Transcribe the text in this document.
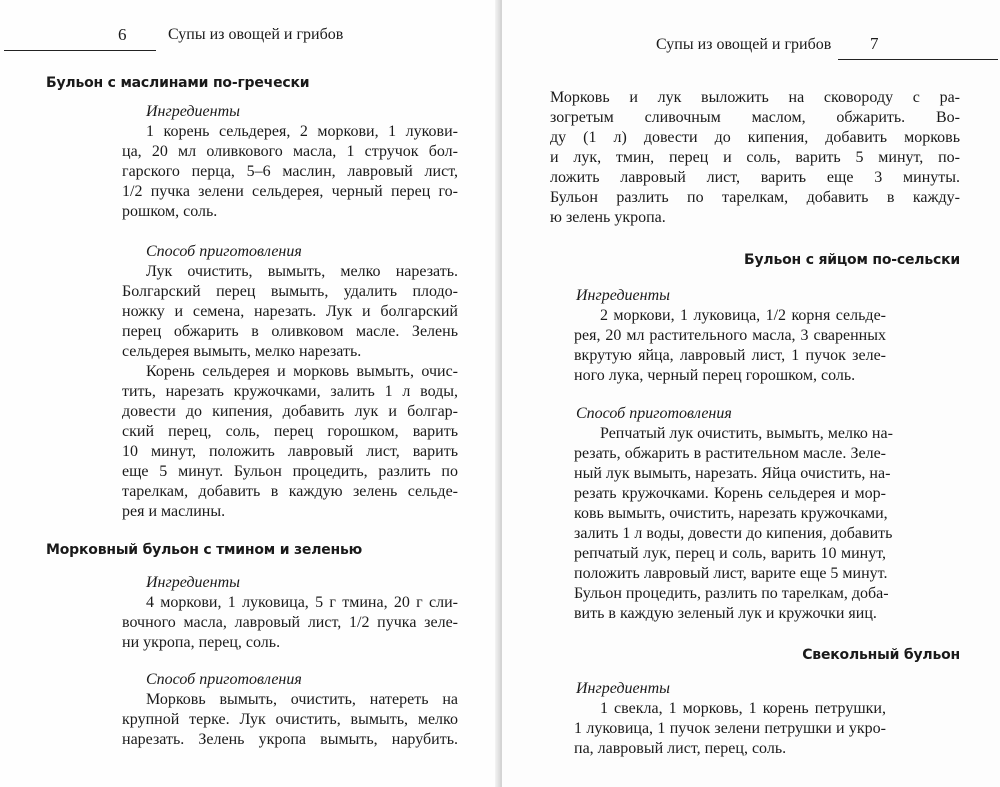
6	Супы из овощей и грибов
Бульон с маслинами по-гречески
Ингредиенты
1 корень сельдерея, 2 моркови, 1 лукови-
ца, 20 мл оливкового масла, 1 стручок бол-
гарского перца, 5–6 маслин, лавровый лист,
1/2 пучка зелени сельдерея, черный перец го-
рошком, соль.
Способ приготовления
Лук очистить, вымыть, мелко нарезать.
Болгарский перец вымыть, удалить плодо-
ножку и семена, нарезать. Лук и болгарский
перец обжарить в оливковом масле. Зелень
сельдерея вымыть, мелко нарезать.
Корень сельдерея и морковь вымыть, очис-
тить, нарезать кружочками, залить 1 л воды,
довести до кипения, добавить лук и болгар-
ский перец, соль, перец горошком, варить
10 минут, положить лавровый лист, варить
еще 5 минут. Бульон процедить, разлить по
тарелкам, добавить в каждую зелень сельде-
рея и маслины.
Морковный бульон с тмином и зеленью
Ингредиенты
4 моркови, 1 луковица, 5 г тмина, 20 г сли-
вочного масла, лавровый лист, 1/2 пучка зеле-
ни укропа, перец, соль.
Способ приготовления
Морковь вымыть, очистить, натереть на
крупной терке. Лук очистить, вымыть, мелко
нарезать. Зелень укропа вымыть, нарубить.
Супы из овощей и грибов 7
Морковь и лук выложить на сковороду с ра-
зогретым сливочным маслом, обжарить. Во-
ду (1 л) довести до кипения, добавить морковь
и лук, тмин, перец и соль, варить 5 минут, по-
ложить лавровый лист, варить еще 3 минуты.
Бульон разлить по тарелкам, добавить в кажду-
ю зелень укропа.
Бульон с яйцом по-сельски
Ингредиенты
2 моркови, 1 луковица, 1/2 корня сельде-
рея, 20 мл растительного масла, 3 сваренных
вкрутую яйца, лавровый лист, 1 пучок зеле-
ного лука, черный перец горошком, соль.
Способ приготовления
Репчатый лук очистить, вымыть, мелко на-
резать, обжарить в растительном масле. Зеле-
ный лук вымыть, нарезать. Яйца очистить, на-
резать кружочками. Корень сельдерея и мор-
ковь вымыть, очистить, нарезать кружочками,
залить 1 л воды, довести до кипения, добавить
репчатый лук, перец и соль, варить 10 минут,
положить лавровый лист, варите еще 5 минут.
Бульон процедить, разлить по тарелкам, доба-
вить в каждую зеленый лук и кружочки яиц.
Свекольный бульон
Ингредиенты
1 свекла, 1 морковь, 1 корень петрушки,
1 луковица, 1 пучок зелени петрушки и укро-
па, лавровый лист, перец, соль.
